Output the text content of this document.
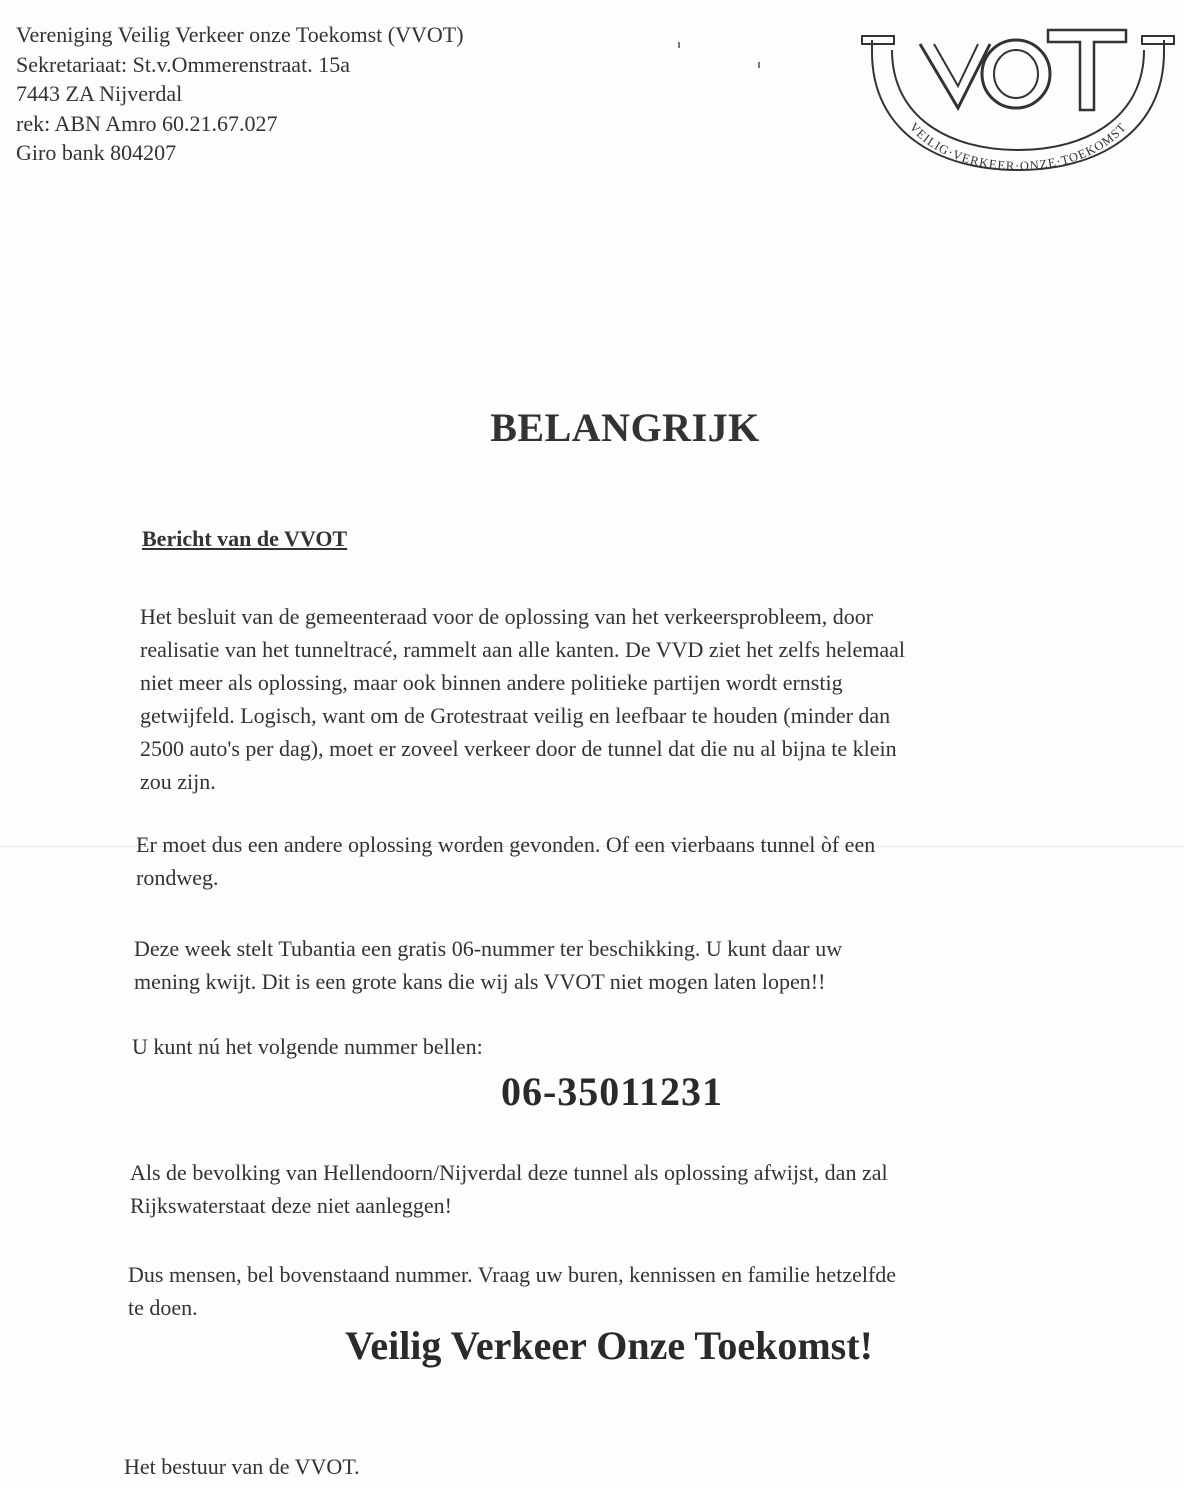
Vereniging Veilig Verkeer onze Toekomst (VVOT)
Sekretariaat: St.v.Ommerenstraat. 15a
7443 ZA Nijverdal
rek: ABN Amro 60.21.67.027
Giro bank 804207
VEILIG·VERKEER·ONZE·TOEKOMST
BELANGRIJK
Bericht van de VVOT
Het besluit van de gemeenteraad voor de oplossing van het verkeersprobleem, door
realisatie van het tunneltracé, rammelt aan alle kanten. De VVD ziet het zelfs helemaal
niet meer als oplossing, maar ook binnen andere politieke partijen wordt ernstig
getwijfeld. Logisch, want om de Grotestraat veilig en leefbaar te houden (minder dan
2500 auto's per dag), moet er zoveel verkeer door de tunnel dat die nu al bijna te klein
zou zijn.
Er moet dus een andere oplossing worden gevonden. Of een vierbaans tunnel òf een
rondweg.
Deze week stelt Tubantia een gratis 06-nummer ter beschikking. U kunt daar uw
mening kwijt. Dit is een grote kans die wij als VVOT niet mogen laten lopen!!
U kunt nú het volgende nummer bellen:
06-35011231
Als de bevolking van Hellendoorn/Nijverdal deze tunnel als oplossing afwijst, dan zal
Rijkswaterstaat deze niet aanleggen!
Dus mensen, bel bovenstaand nummer. Vraag uw buren, kennissen en familie hetzelfde
te doen.
Veilig Verkeer Onze Toekomst!
Het bestuur van de VVOT.
